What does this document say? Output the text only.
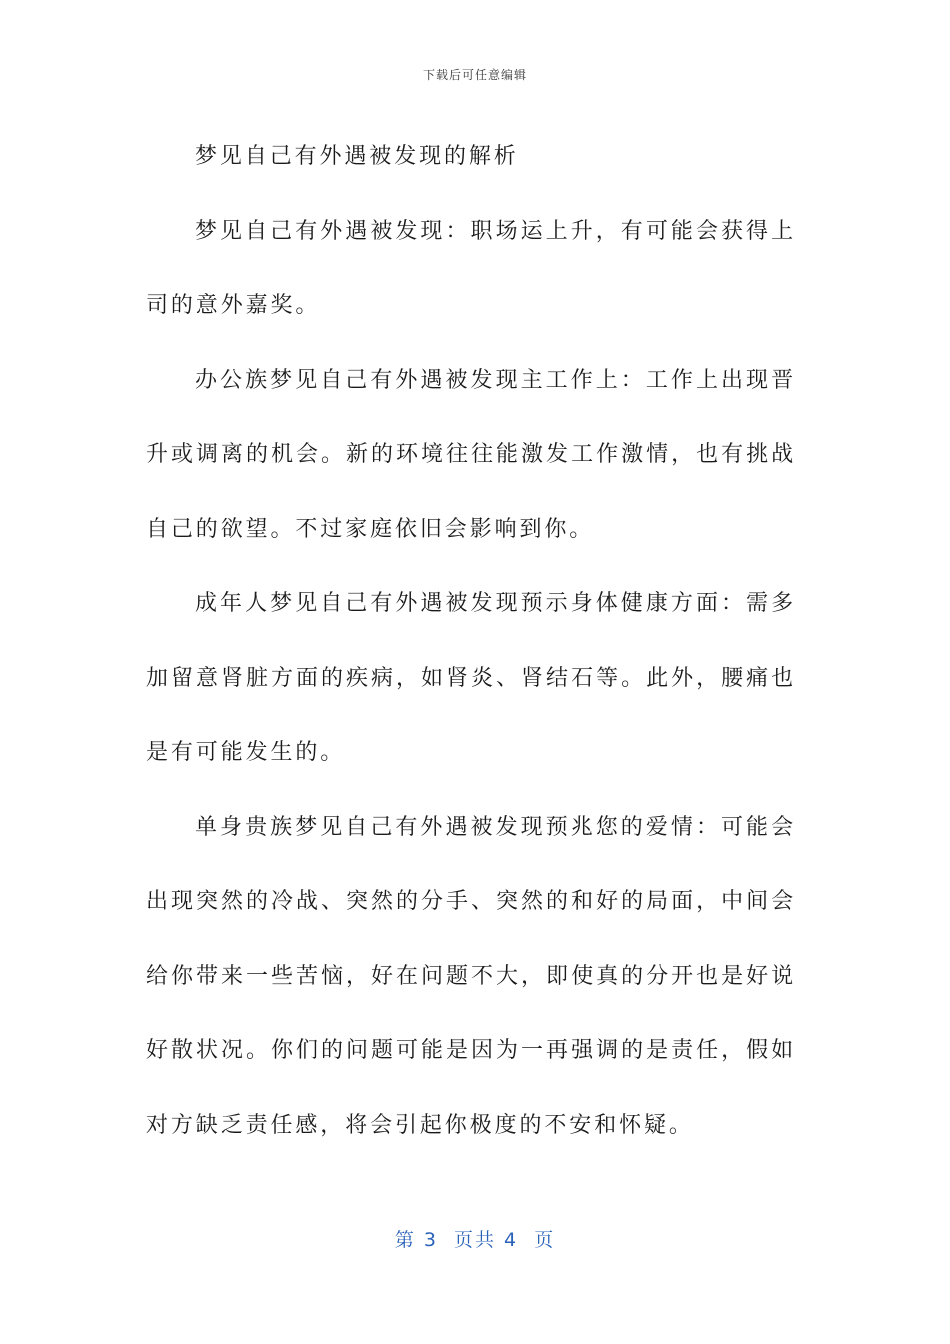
下载后可任意编辑

梦见自己有外遇被发现的解析

梦见自己有外遇被发现：职场运上升，有可能会获得上司的意外嘉奖。

办公族梦见自己有外遇被发现主工作上：工作上出现晋升或调离的机会。新的环境往往能激发工作激情，也有挑战自己的欲望。不过家庭依旧会影响到你。

成年人梦见自己有外遇被发现预示身体健康方面：需多加留意肾脏方面的疾病，如肾炎、肾结石等。此外，腰痛也是有可能发生的。

单身贵族梦见自己有外遇被发现预兆您的爱情：可能会出现突然的冷战、突然的分手、突然的和好的局面，中间会给你带来一些苦恼，好在问题不大，即使真的分开也是好说好散状况。你们的问题可能是因为一再强调的是责任，假如对方缺乏责任感，将会引起你极度的不安和怀疑。

第 3  页共 4  页
